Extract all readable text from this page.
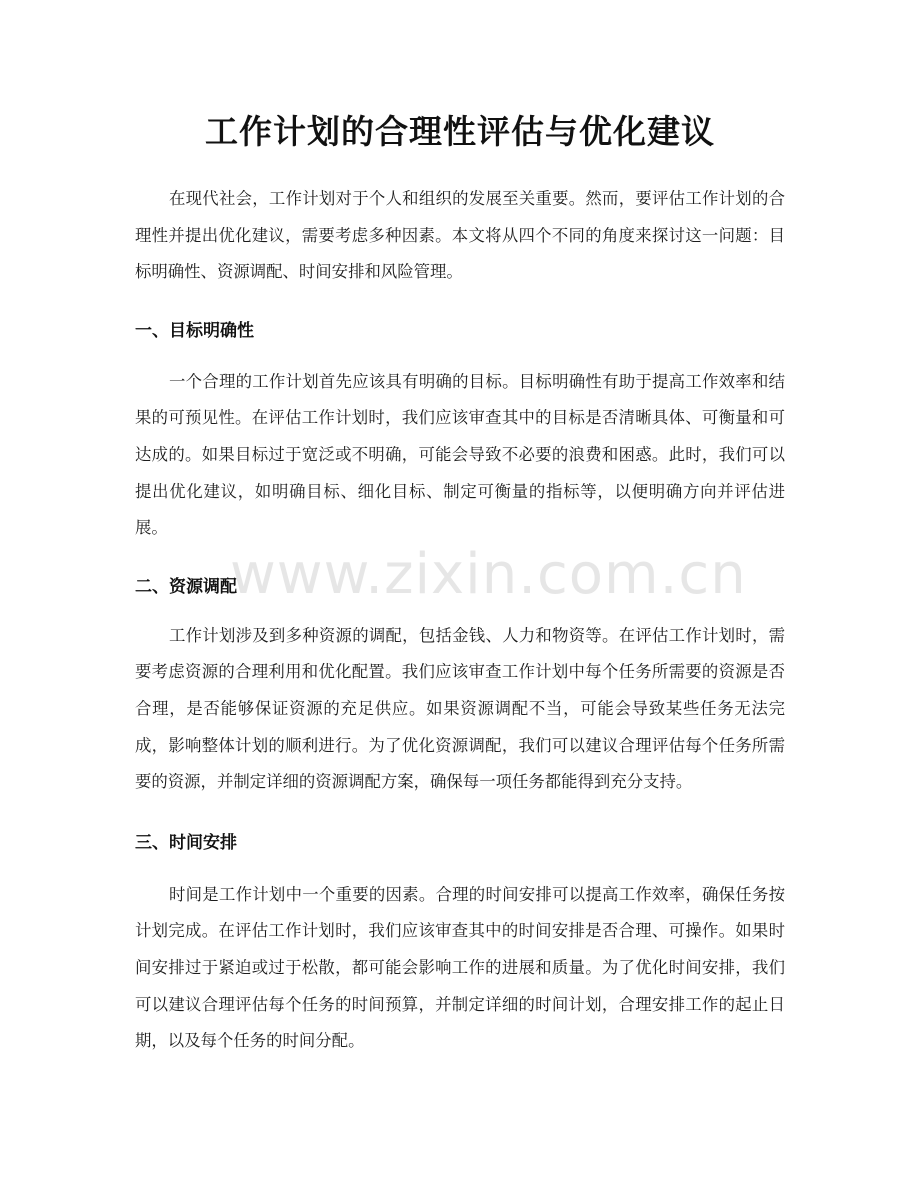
工作计划的合理性评估与优化建议

在现代社会，工作计划对于个人和组织的发展至关重要。然而，要评估工作计划的合理性并提出优化建议，需要考虑多种因素。本文将从四个不同的角度来探讨这一问题：目标明确性、资源调配、时间安排和风险管理。

一、目标明确性

一个合理的工作计划首先应该具有明确的目标。目标明确性有助于提高工作效率和结果的可预见性。在评估工作计划时，我们应该审查其中的目标是否清晰具体、可衡量和可达成的。如果目标过于宽泛或不明确，可能会导致不必要的浪费和困惑。此时，我们可以提出优化建议，如明确目标、细化目标、制定可衡量的指标等，以便明确方向并评估进展。

二、资源调配

工作计划涉及到多种资源的调配，包括金钱、人力和物资等。在评估工作计划时，需要考虑资源的合理利用和优化配置。我们应该审查工作计划中每个任务所需要的资源是否合理，是否能够保证资源的充足供应。如果资源调配不当，可能会导致某些任务无法完成，影响整体计划的顺利进行。为了优化资源调配，我们可以建议合理评估每个任务所需要的资源，并制定详细的资源调配方案，确保每一项任务都能得到充分支持。

三、时间安排

时间是工作计划中一个重要的因素。合理的时间安排可以提高工作效率，确保任务按计划完成。在评估工作计划时，我们应该审查其中的时间安排是否合理、可操作。如果时间安排过于紧迫或过于松散，都可能会影响工作的进展和质量。为了优化时间安排，我们可以建议合理评估每个任务的时间预算，并制定详细的时间计划，合理安排工作的起止日期，以及每个任务的时间分配。

www.zixin.com.cn
